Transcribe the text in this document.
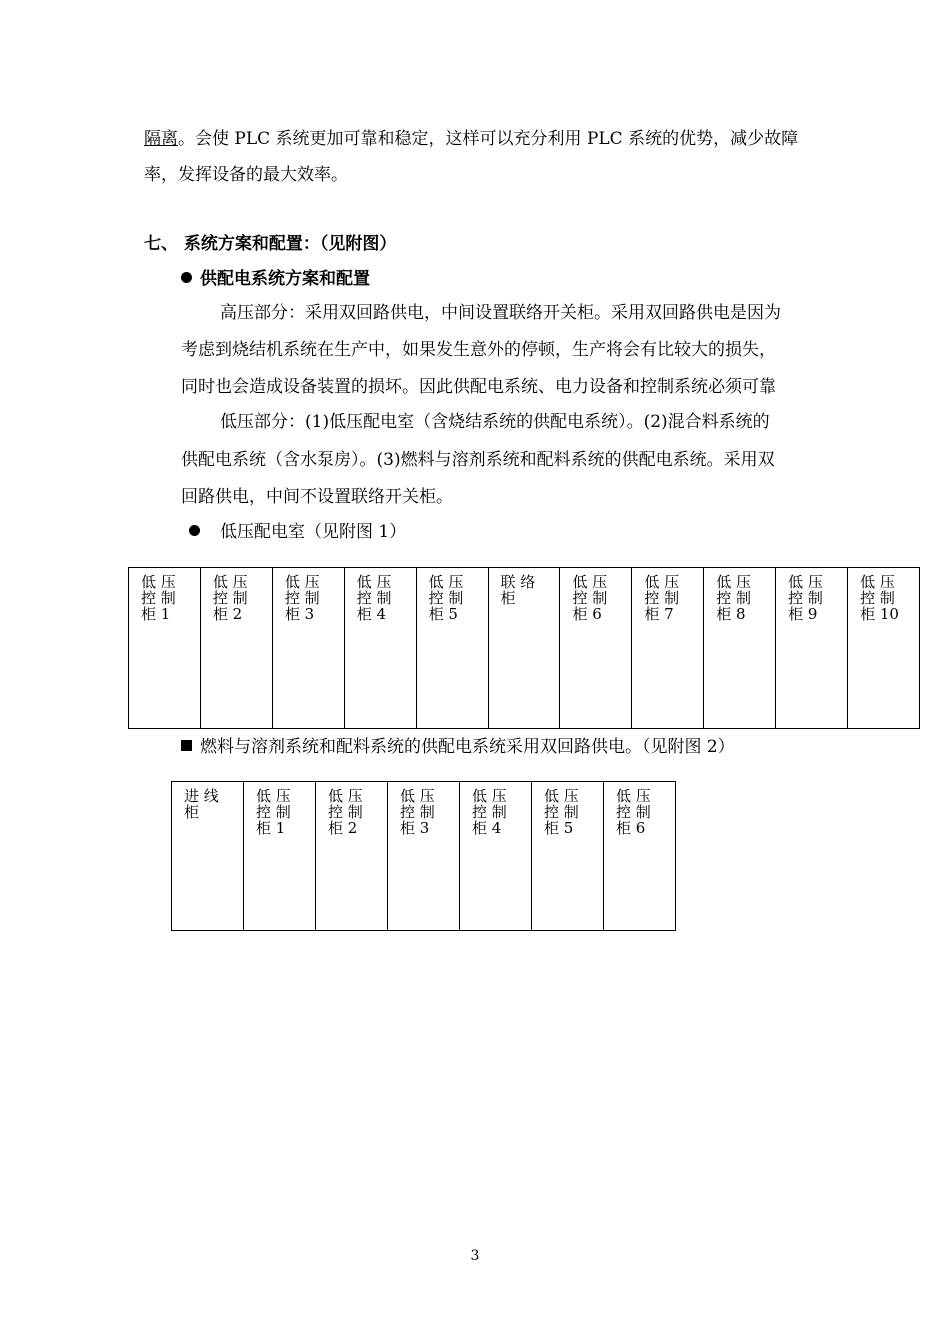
隔离。会使 PLC 系统更加可靠和稳定，这样可以充分利用 PLC 系统的优势，减少故障
率，发挥设备的最大效率。
七、 系统方案和配置：（见附图）
供配电系统方案和配置
高压部分：采用双回路供电，中间设置联络开关柜。采用双回路供电是因为
考虑到烧结机系统在生产中，如果发生意外的停顿，生产将会有比较大的损失，
同时也会造成设备装置的损坏。因此供配电系统、电力设备和控制系统必须可靠
低压部分：(1)低压配电室（含烧结系统的供配电系统）。(2)混合料系统的
供配电系统（含水泵房）。(3)燃料与溶剂系统和配料系统的供配电系统。采用双
回路供电，中间不设置联络开关柜。
低压配电室（见附图 1）
低 压 控 制 柜 1	低 压 控 制 柜 2	低 压 控 制 柜 3	低 压 控 制 柜 4	低 压 控 制 柜 5	联 络 柜	低 压 控 制 柜 6	低 压 控 制 柜 7	低 压 控 制 柜 8	低 压 控 制 柜 9	低 压 控 制 柜 10
燃料与溶剂系统和配料系统的供配电系统采用双回路供电。（见附图 2）
进 线 柜	低 压 控 制 柜 1	低 压 控 制 柜 2	低 压 控 制 柜 3	低 压 控 制 柜 4	低 压 控 制 柜 5	低 压 控 制 柜 6
3
